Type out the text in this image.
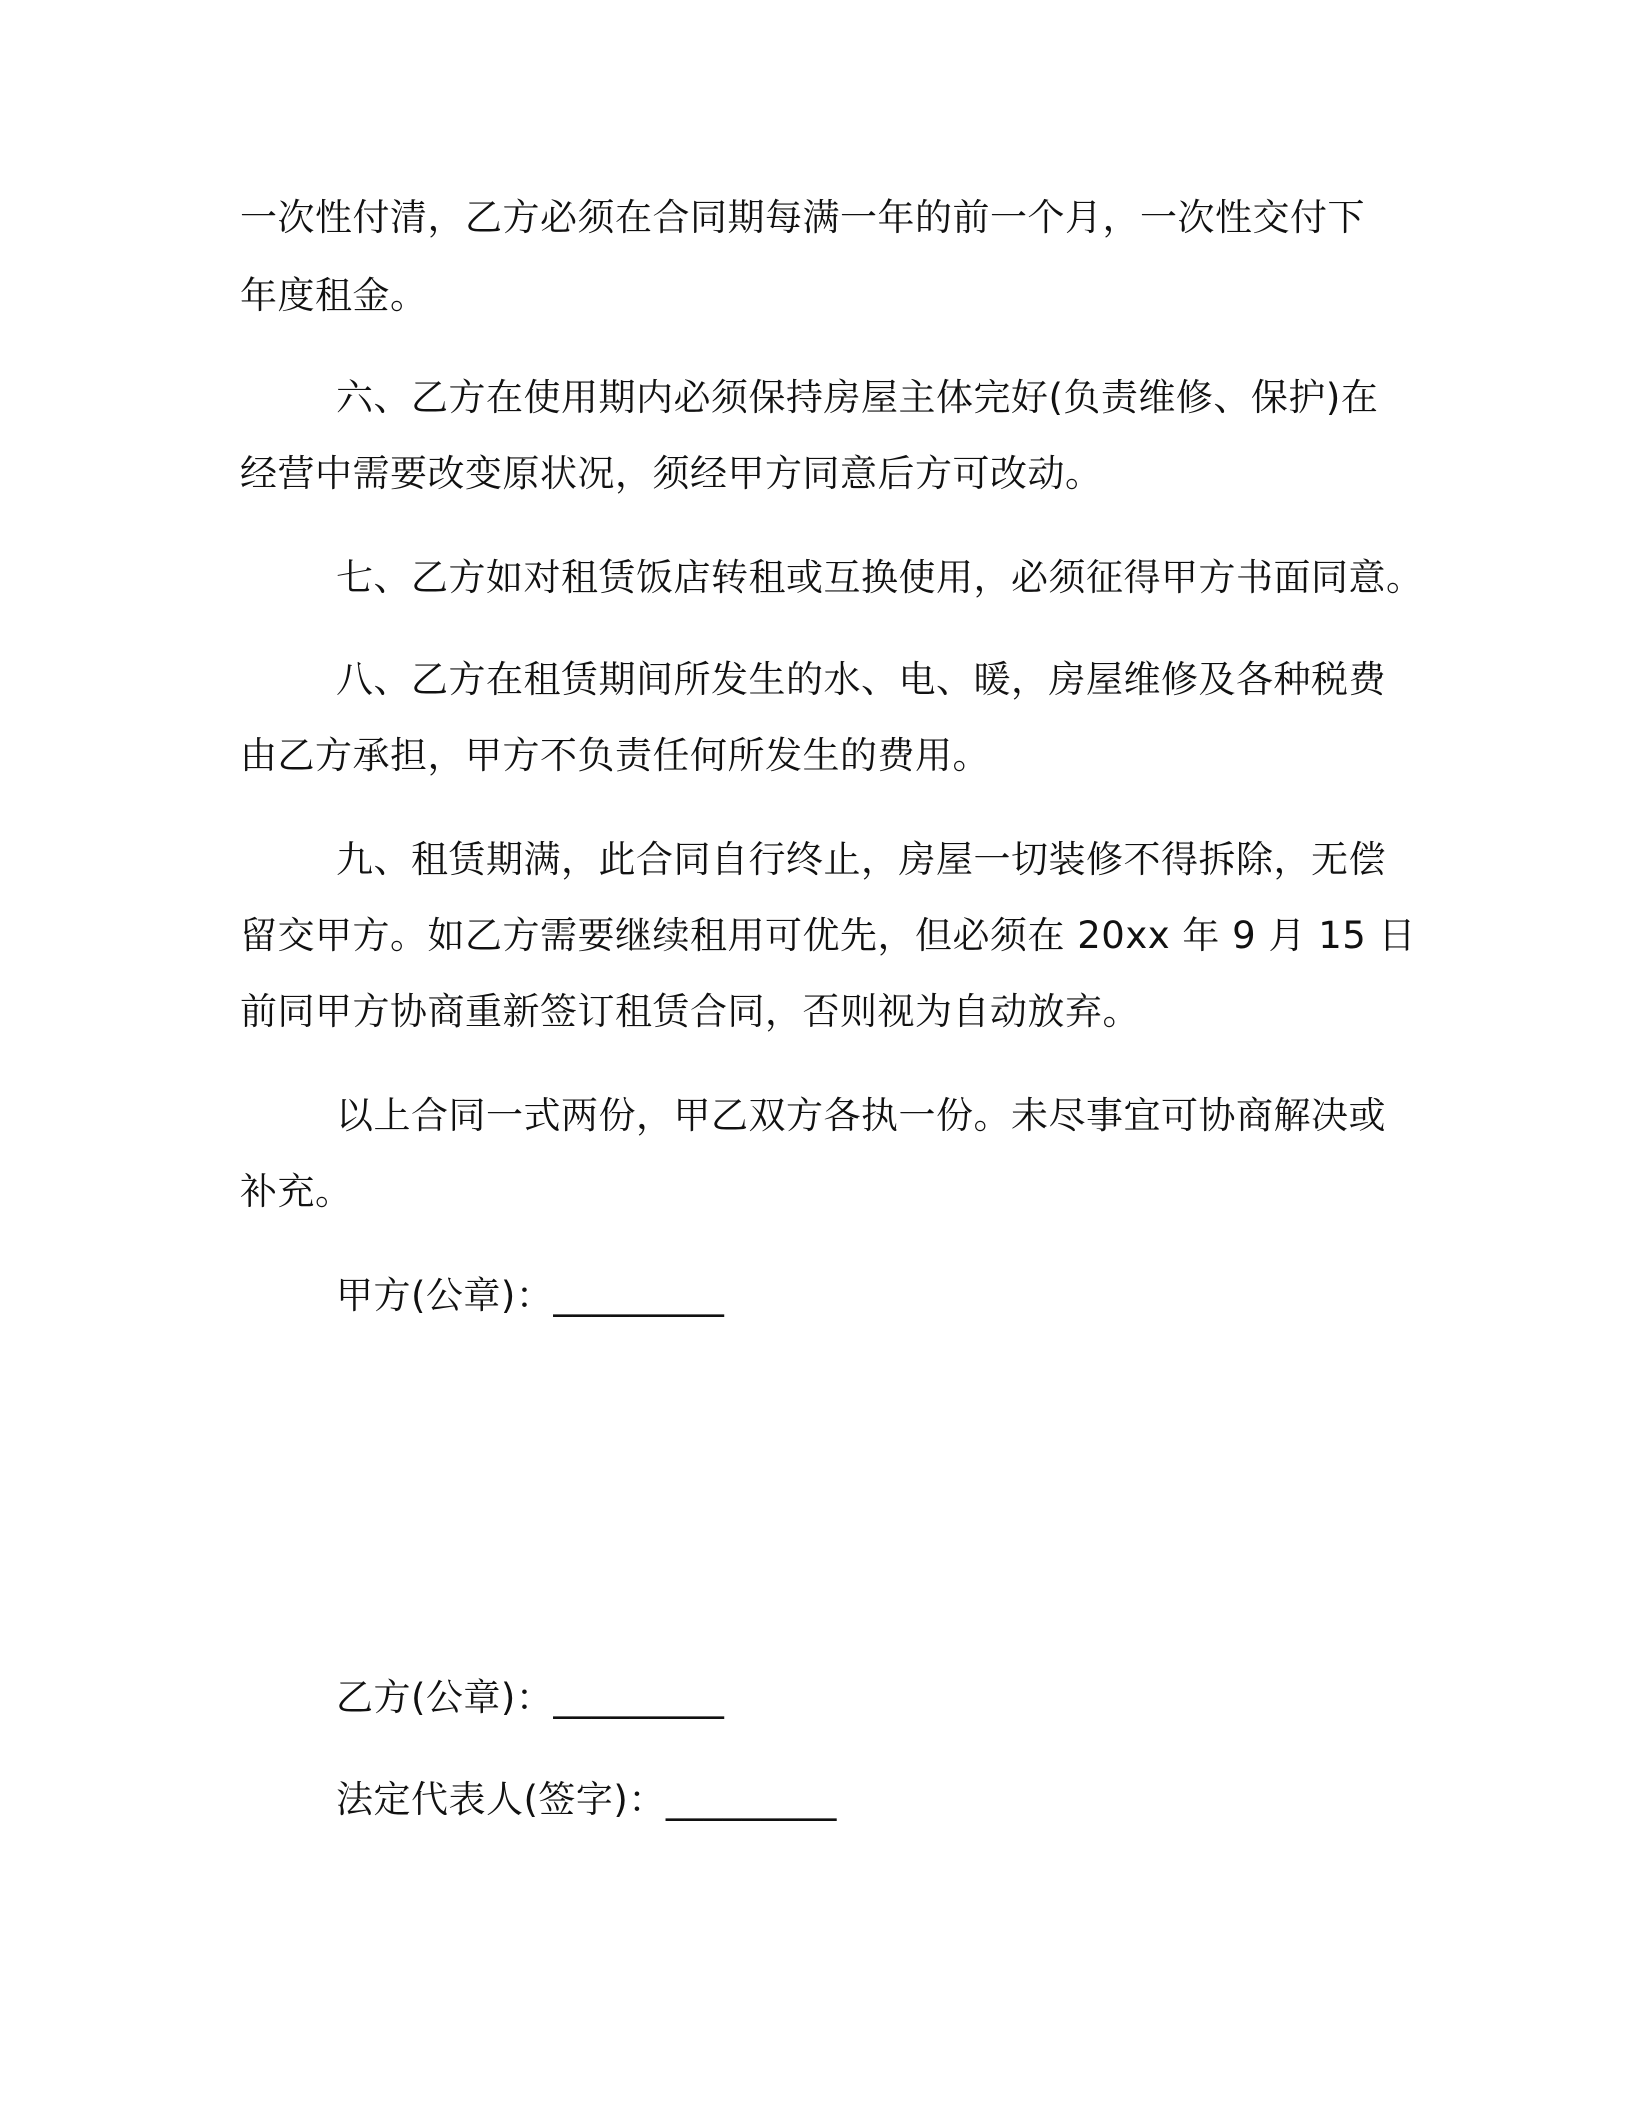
一次性付清，乙方必须在合同期每满一年的前一个月，一次性交付下
年度租金。
六、乙方在使用期内必须保持房屋主体完好(负责维修、保护)在
经营中需要改变原状况，须经甲方同意后方可改动。
七、乙方如对租赁饭店转租或互换使用，必须征得甲方书面同意。
八、乙方在租赁期间所发生的水、电、暖，房屋维修及各种税费
由乙方承担，甲方不负责任何所发生的费用。
九、租赁期满，此合同自行终止，房屋一切装修不得拆除，无偿
留交甲方。如乙方需要继续租用可优先，但必须在 20xx 年 9 月 15 日
前同甲方协商重新签订租赁合同，否则视为自动放弃。
以上合同一式两份，甲乙双方各执一份。未尽事宜可协商解决或
补充。
甲方(公章)：_________
乙方(公章)：_________
法定代表人(签字)：_________
